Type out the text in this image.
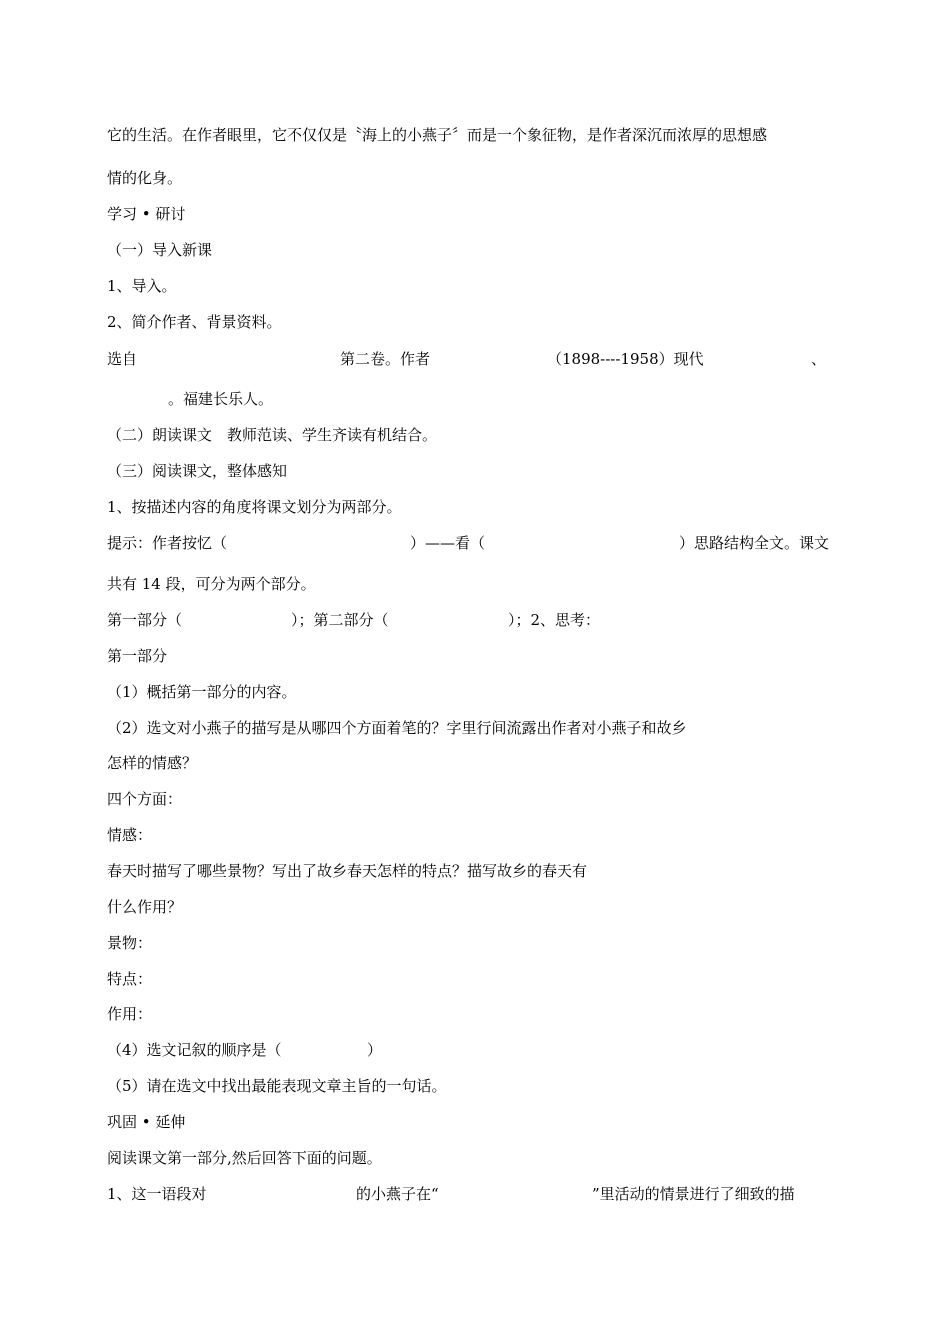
它的生活。在作者眼里，它不仅仅是〝海上的小燕子〞而是一个象征物，是作者深沉而浓厚的思想感
情的化身。
学习 • 研讨
（一）导入新课
1、导入。
2、简介作者、背景资料。
选自	第二卷。作者	（1898----1958）现代	、
。福建长乐人。
（二）朗读课文　教师范读、学生齐读有机结合。
（三）阅读课文，整体感知
1、按描述内容的角度将课文划分为两部分。
提示：作者按忆（	）——看（	）思路结构全文。课文
共有 14 段，可分为两个部分。
第一部分（	）；第二部分（	）；2、思考：
第一部分
（1）概括第一部分的内容。
（2）选文对小燕子的描写是从哪四个方面着笔的？字里行间流露出作者对小燕子和故乡
怎样的情感？
四个方面：
情感：
春天时描写了哪些景物？写出了故乡春天怎样的特点？描写故乡的春天有
什么作用？
景物：
特点：
作用：
（4）选文记叙的顺序是（	）
（5）请在选文中找出最能表现文章主旨的一句话。
巩固 • 延伸
阅读课文第一部分,然后回答下面的问题。
1、这一语段对	的小燕子在“	”里活动的情景进行了细致的描
